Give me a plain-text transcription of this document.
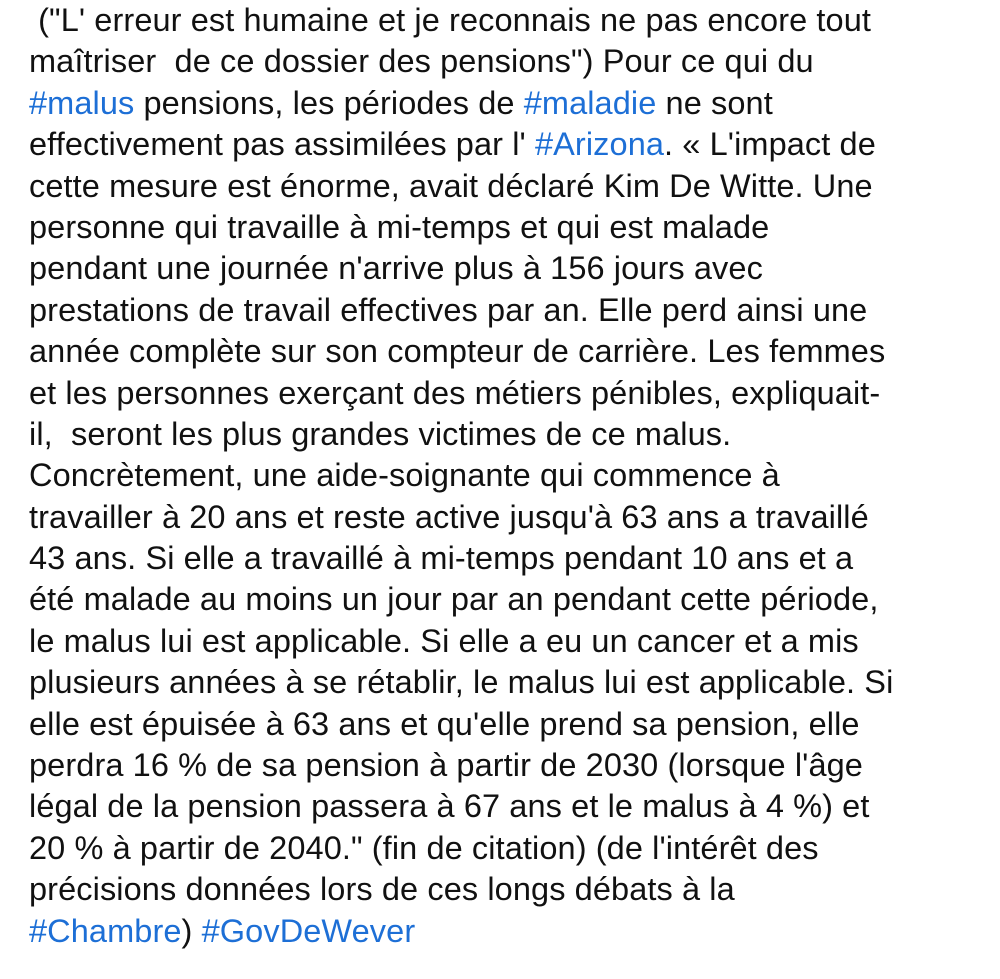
("L' erreur est humaine et je reconnais ne pas encore tout
maîtriser  de ce dossier des pensions") Pour ce qui du
#malus pensions, les périodes de #maladie ne sont
effectivement pas assimilées par l' #Arizona. « L'impact de
cette mesure est énorme, avait déclaré Kim De Witte. Une
personne qui travaille à mi-temps et qui est malade
pendant une journée n'arrive plus à 156 jours avec
prestations de travail effectives par an. Elle perd ainsi une
année complète sur son compteur de carrière. Les femmes
et les personnes exerçant des métiers pénibles, expliquait-
il,  seront les plus grandes victimes de ce malus.
Concrètement, une aide-soignante qui commence à
travailler à 20 ans et reste active jusqu'à 63 ans a travaillé
43 ans. Si elle a travaillé à mi-temps pendant 10 ans et a
été malade au moins un jour par an pendant cette période,
le malus lui est applicable. Si elle a eu un cancer et a mis
plusieurs années à se rétablir, le malus lui est applicable. Si
elle est épuisée à 63 ans et qu'elle prend sa pension, elle
perdra 16 % de sa pension à partir de 2030 (lorsque l'âge
légal de la pension passera à 67 ans et le malus à 4 %) et
20 % à partir de 2040." (fin de citation) (de l'intérêt des
précisions données lors de ces longs débats à la
#Chambre) #GovDeWever
